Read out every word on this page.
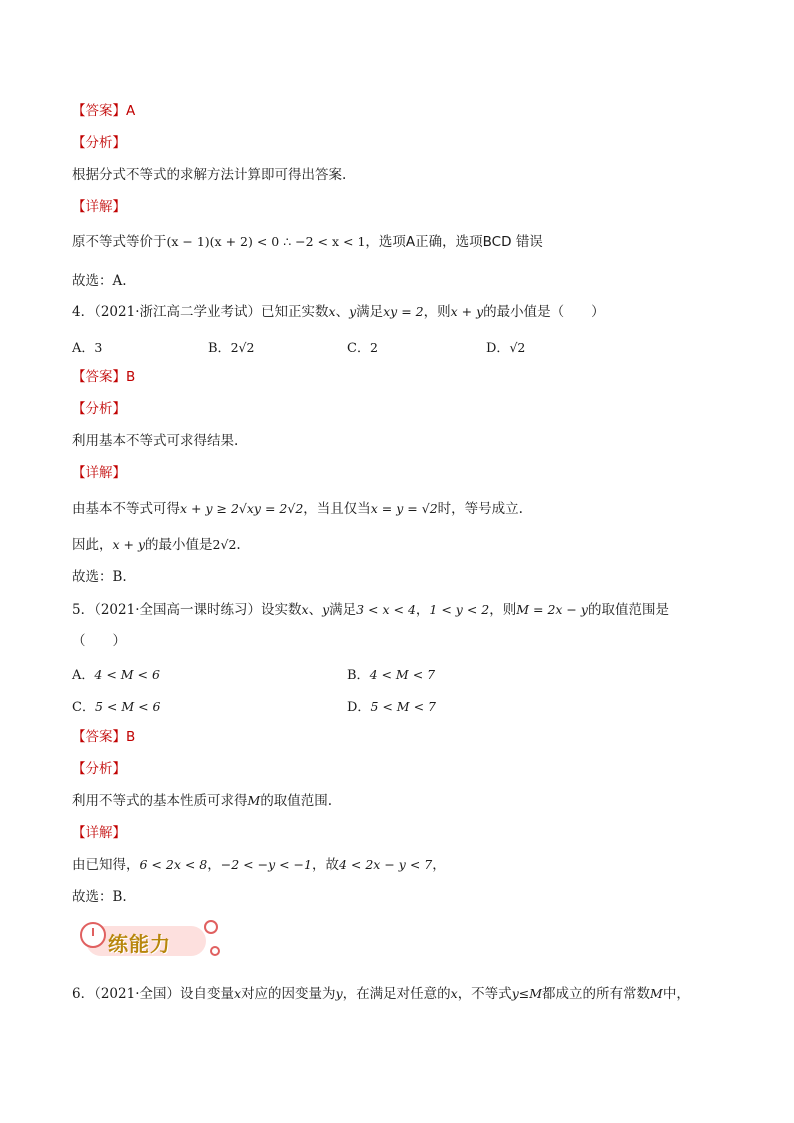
【答案】A
【分析】
根据分式不等式的求解方法计算即可得出答案.
【详解】
原不等式等价于(x − 1)(x + 2) < 0 ∴ −2 < x < 1，选项A正确，选项BCD 错误
故选：A.
4．（2021·浙江高二学业考试）已知正实数x、y满足xy = 2，则x + y的最小值是（　　）
A．3	B．2√2	C．2	D．√2
【答案】B
【分析】
利用基本不等式可求得结果.
【详解】
由基本不等式可得x + y ≥ 2√xy = 2√2，当且仅当x = y = √2时，等号成立.
因此，x + y的最小值是2√2.
故选：B.
5．（2021·全国高一课时练习）设实数x、y满足3 < x < 4，1 < y < 2，则M = 2x − y的取值范围是
（　　）
A．4 < M < 6	B．4 < M < 7
C．5 < M < 6	D．5 < M < 7
【答案】B
【分析】
利用不等式的基本性质可求得M的取值范围.
【详解】
由已知得，6 < 2x < 8，−2 < −y < −1，故4 < 2x − y < 7，
故选：B.
练能力
6．（2021·全国）设自变量x对应的因变量为y，在满足对任意的x，不等式y≤M都成立的所有常数M中，
